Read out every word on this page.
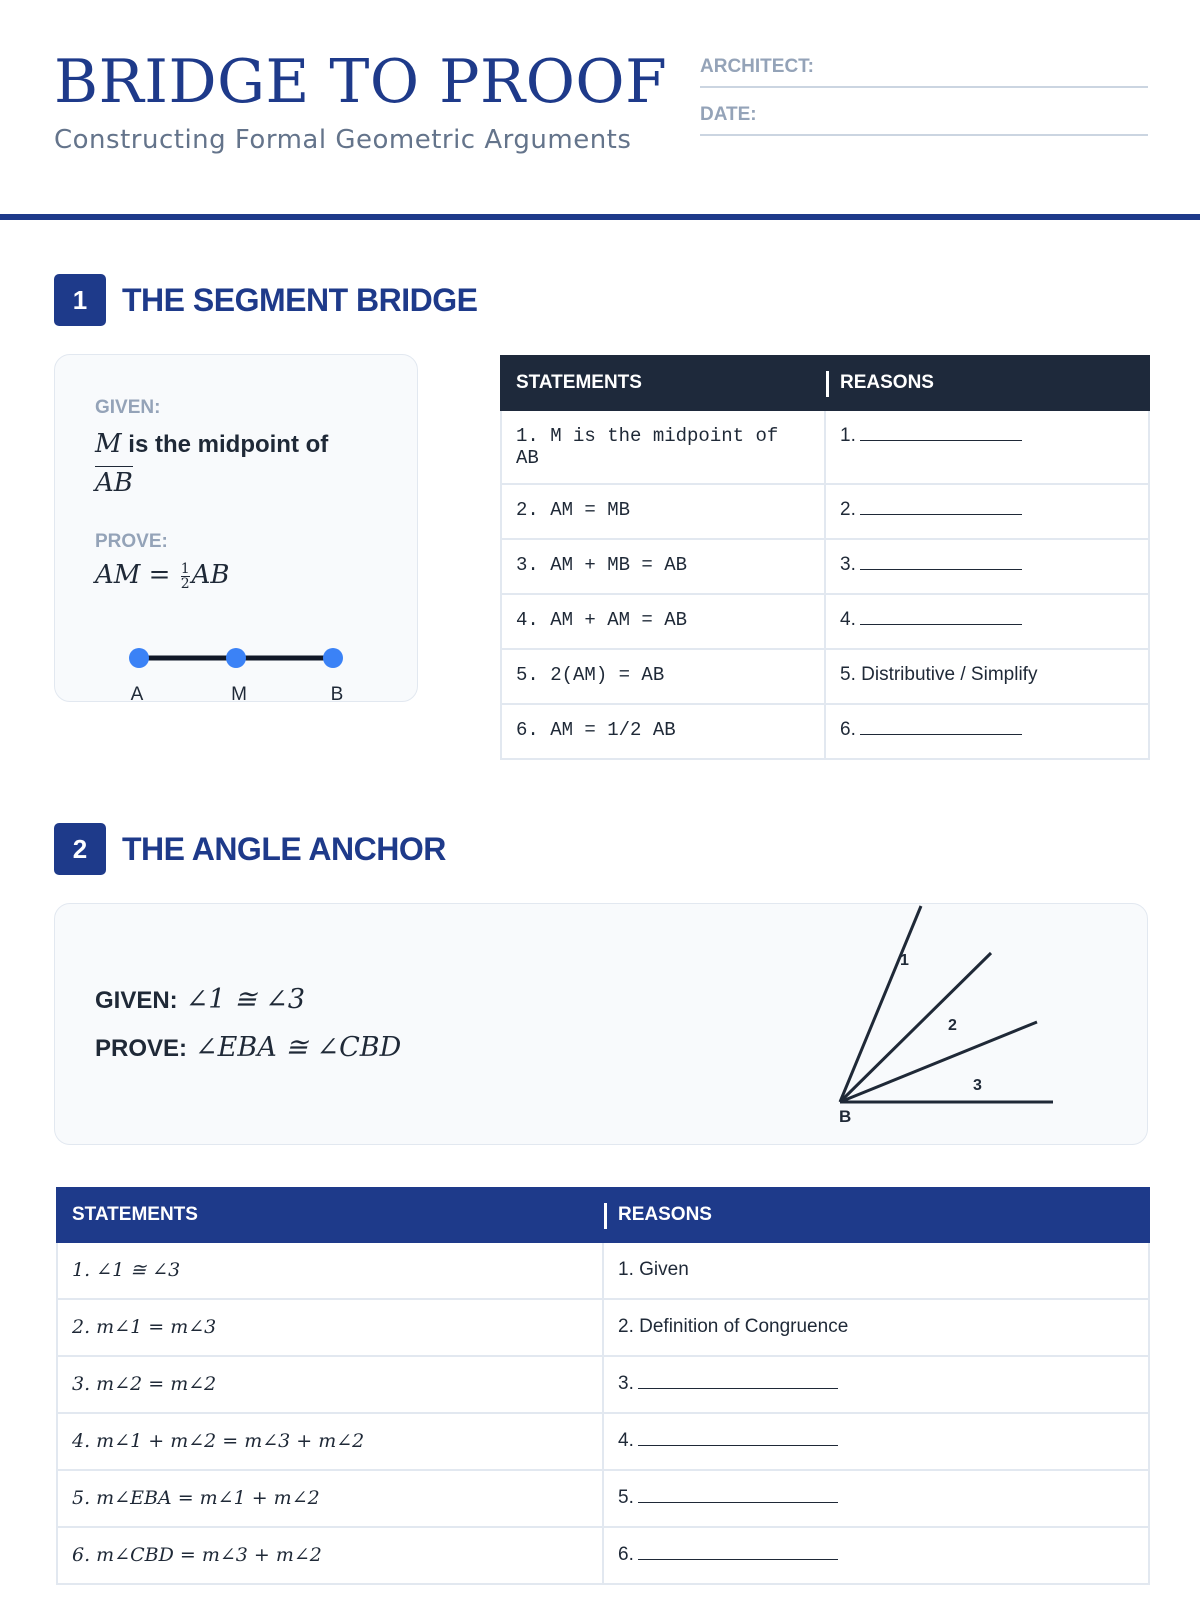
BRIDGE TO PROOF
Constructing Formal Geometric Arguments
ARCHITECT:
DATE:
1	THE SEGMENT BRIDGE
GIVEN:
M is the midpoint of
AB
PROVE:
AM = $\frac{1}{2}$ AB
A	M	B
STATEMENTS	REASONS
1. M is the midpoint of AB	1.
2. AM = MB	2.
3. AM + MB = AB	3.
4. AM + AM = AB	4.
5. 2(AM) = AB	5. Distributive / Simplify
6. AM = 1/2 AB	6.
2	THE ANGLE ANCHOR
GIVEN: ∠1 ≅ ∠3
PROVE: ∠EBA ≅ ∠CBD
1
2
3
B
STATEMENTS	REASONS
1. ∠1 ≅ ∠3	1. Given
2. m∠1 = m∠3	2. Definition of Congruence
3. m∠2 = m∠2	3.
4. m∠1 + m∠2 = m∠3 + m∠2	4.
5. m∠EBA = m∠1 + m∠2	5.
6. m∠CBD = m∠3 + m∠2	6.
